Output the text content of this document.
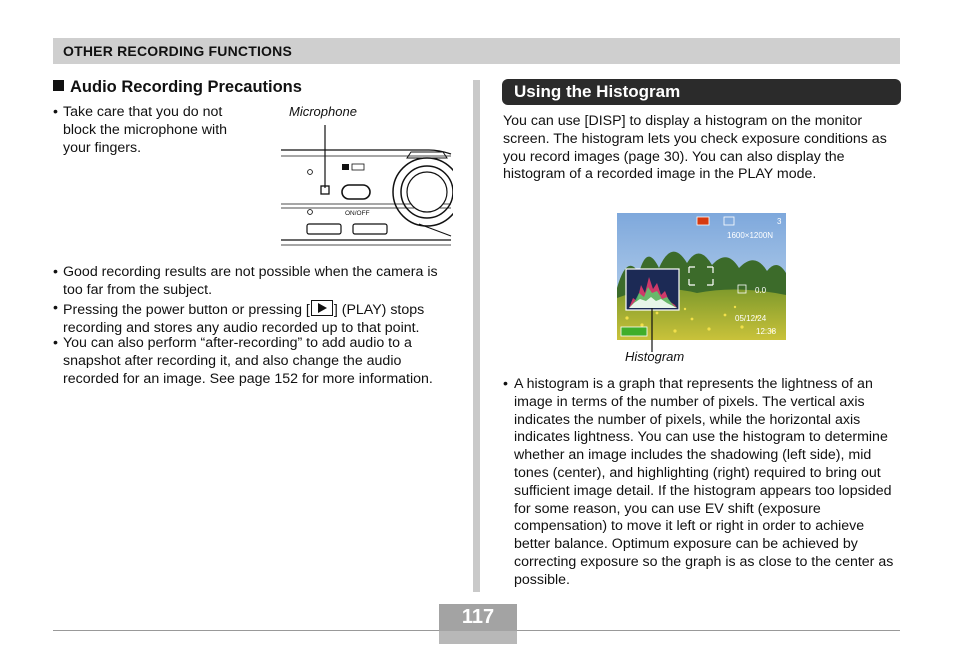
OTHER RECORDING FUNCTIONS
Audio Recording Precautions
• Take care that you do not block the microphone with your fingers.
Microphone
ON/OFF
• Good recording results are not possible when the camera is too far from the subject.
• Pressing the power button or pressing [ ] (PLAY) stops recording and stores any audio recorded up to that point.
• You can also perform “after-recording” to add audio to a snapshot after recording it, and also change the audio recorded for an image. See page 152 for more information.
Using the Histogram
You can use [DISP] to display a histogram on the monitor screen. The histogram lets you check exposure conditions as you record images (page 30). You can also display the histogram of a recorded image in the PLAY mode.
3
1600×1200N
0.0
05/12/24
12:38
Histogram
• A histogram is a graph that represents the lightness of an image in terms of the number of pixels. The vertical axis indicates the number of pixels, while the horizontal axis indicates lightness. You can use the histogram to determine whether an image includes the shadowing (left side), mid tones (center), and highlighting (right) required to bring out sufficient image detail. If the histogram appears too lopsided for some reason, you can use EV shift (exposure compensation) to move it left or right in order to achieve better balance. Optimum exposure can be achieved by correcting exposure so the graph is as close to the center as possible.
117
